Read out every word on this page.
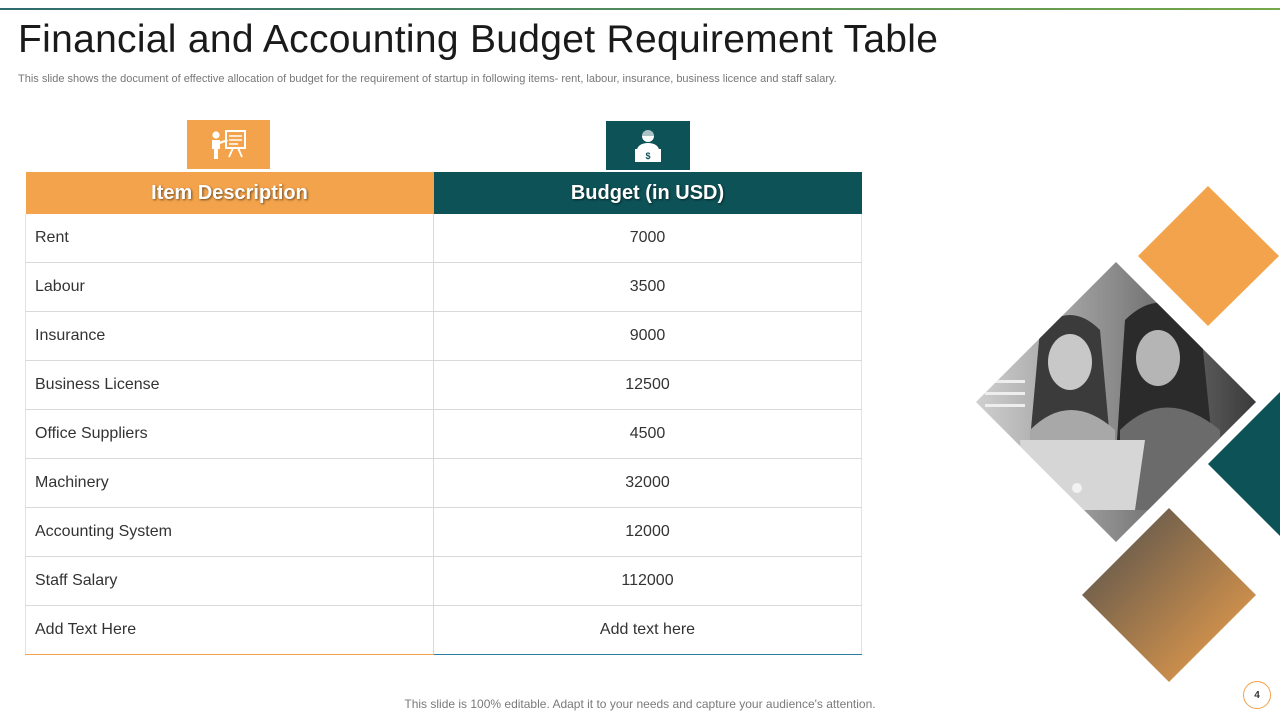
Financial and Accounting Budget Requirement Table
This slide shows the document of effective allocation of budget for the requirement of startup in following items- rent, labour, insurance, business licence and staff salary.
$
Item Description	Budget (in USD)
Rent	7000
Labour	3500
Insurance	9000
Business License	12500
Office Suppliers	4500
Machinery	32000
Accounting System	12000
Staff Salary	112000
Add Text Here	Add text here
This slide is 100% editable. Adapt it to your needs and capture your audience's attention.
4
